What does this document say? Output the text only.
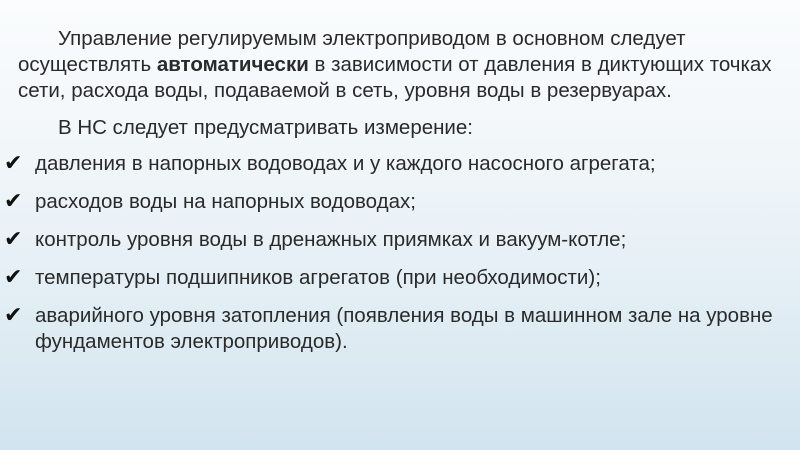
Управление регулируемым электроприводом в основном следует осуществлять автоматически в зависимости от давления в диктующих точках сети, расхода воды, подаваемой в сеть, уровня воды в резервуарах.

В НС следует предусматривать измерение:

✔ давления в напорных водоводах и у каждого насосного агрегата;
✔ расходов воды на напорных водоводах;
✔ контроль уровня воды в дренажных приямках и вакуум-котле;
✔ температуры подшипников агрегатов (при необходимости);
✔ аварийного уровня затопления (появления воды в машинном зале на уровне фундаментов электроприводов).
